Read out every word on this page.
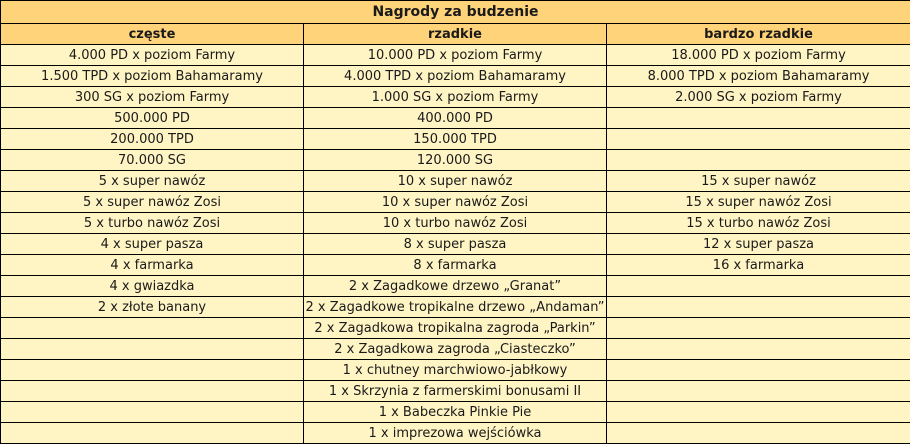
Nagrody za budzenie		
częste	rzadkie	bardzo rzadkie
4.000 PD x poziom Farmy	10.000 PD x poziom Farmy	18.000 PD x poziom Farmy
1.500 TPD x poziom Bahamaramy	4.000 TPD x poziom Bahamaramy	8.000 TPD x poziom Bahamaramy
300 SG x poziom Farmy	1.000 SG x poziom Farmy	2.000 SG x poziom Farmy
500.000 PD	400.000 PD	
200.000 TPD	150.000 TPD	
70.000 SG	120.000 SG	
5 x super nawóz	10 x super nawóz	15 x super nawóz
5 x super nawóz Zosi	10 x super nawóz Zosi	15 x super nawóz Zosi
5 x turbo nawóz Zosi	10 x turbo nawóz Zosi	15 x turbo nawóz Zosi
4 x super pasza	8 x super pasza	12 x super pasza
4 x farmarka	8 x farmarka	16 x farmarka
4 x gwiazdka	2 x Zagadkowe drzewo „Granat”	
2 x złote banany	2 x Zagadkowe tropikalne drzewo „Andaman”	
	2 x Zagadkowa tropikalna zagroda „Parkin”	
	2 x Zagadkowa zagroda „Ciasteczko”	
	1 x chutney marchwiowo-jabłkowy	
	1 x Skrzynia z farmerskimi bonusami II	
	1 x Babeczka Pinkie Pie	
	1 x imprezowa wejściówka	
